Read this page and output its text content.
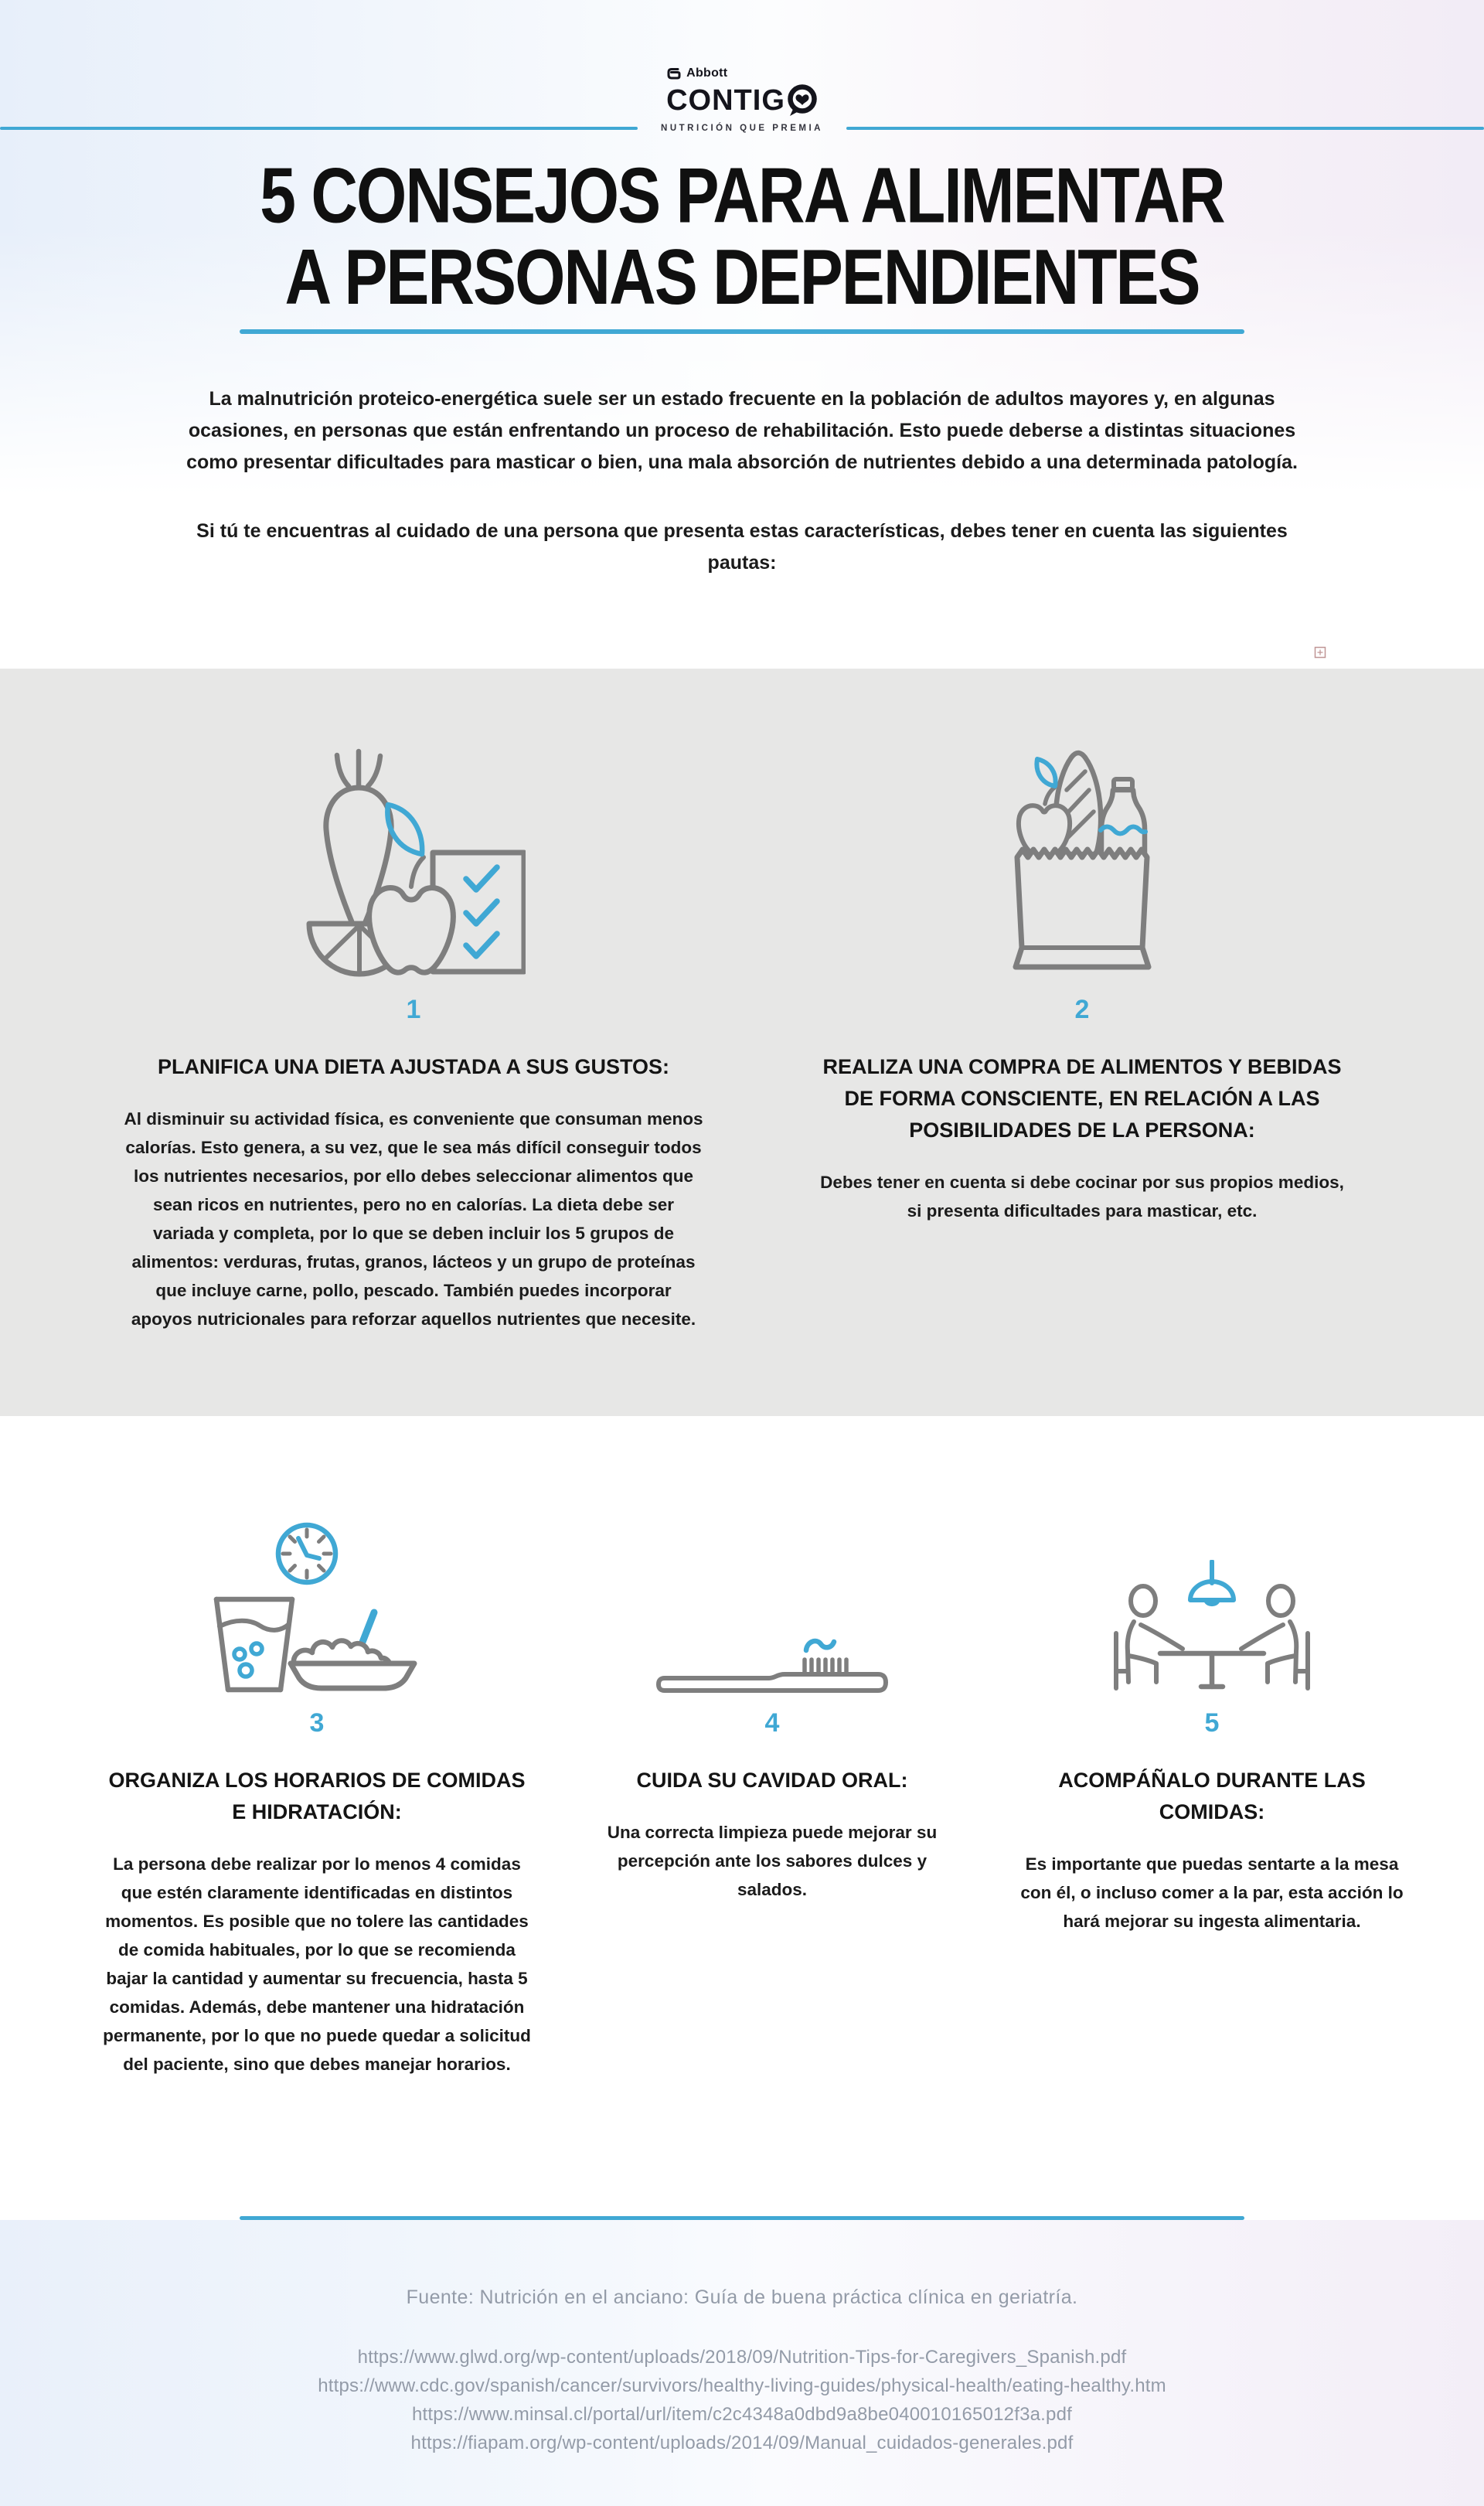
Abbott
CONTIG
NUTRICIÓN QUE PREMIA
5 CONSEJOS PARA ALIMENTAR
A PERSONAS DEPENDIENTES

La malnutrición proteico-energética suele ser un estado frecuente en la población de adultos mayores y, en algunas ocasiones, en personas que están enfrentando un proceso de rehabilitación. Esto puede deberse a distintas situaciones como presentar dificultades para masticar o bien, una mala absorción de nutrientes debido a una determinada patología.

Si tú te encuentras al cuidado de una persona que presenta estas características, debes tener en cuenta las siguientes pautas:

1
PLANIFICA UNA DIETA AJUSTADA A SUS GUSTOS:
Al disminuir su actividad física, es conveniente que consuman menos calorías. Esto genera, a su vez, que le sea más difícil conseguir todos los nutrientes necesarios, por ello debes seleccionar alimentos que sean ricos en nutrientes, pero no en calorías. La dieta debe ser variada y completa, por lo que se deben incluir los 5 grupos de alimentos: verduras, frutas, granos, lácteos y un grupo de proteínas que incluye carne, pollo, pescado. También puedes incorporar apoyos nutricionales para reforzar aquellos nutrientes que necesite.
2
REALIZA UNA COMPRA DE ALIMENTOS Y BEBIDAS DE FORMA CONSCIENTE, EN RELACIÓN A LAS POSIBILIDADES DE LA PERSONA:
Debes tener en cuenta si debe cocinar por sus propios medios, si presenta dificultades para masticar, etc.
3
ORGANIZA LOS HORARIOS DE COMIDAS E HIDRATACIÓN:
La persona debe realizar por lo menos 4 comidas que estén claramente identificadas en distintos momentos. Es posible que no tolere las cantidades de comida habituales, por lo que se recomienda bajar la cantidad y aumentar su frecuencia, hasta 5 comidas. Además, debe mantener una hidratación permanente, por lo que no puede quedar a solicitud del paciente, sino que debes manejar horarios.
4
CUIDA SU CAVIDAD ORAL:
Una correcta limpieza puede mejorar su percepción ante los sabores dulces y salados.
5
ACOMPÁÑALO DURANTE LAS COMIDAS:
Es importante que puedas sentarte a la mesa con él, o incluso comer a la par, esta acción lo hará mejorar su ingesta alimentaria.

Fuente: Nutrición en el anciano: Guía de buena práctica clínica en geriatría.

https://www.glwd.org/wp-content/uploads/2018/09/Nutrition-Tips-for-Caregivers_Spanish.pdf
https://www.cdc.gov/spanish/cancer/survivors/healthy-living-guides/physical-health/eating-healthy.htm
https://www.minsal.cl/portal/url/item/c2c4348a0dbd9a8be040010165012f3a.pdf
https://fiapam.org/wp-content/uploads/2014/09/Manual_cuidados-generales.pdf
